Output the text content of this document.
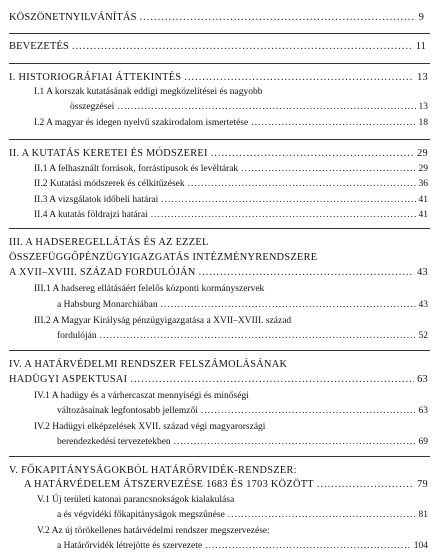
KÖSZÖNETNYILVÁNÍTÁS .....	9
BEVEZETÉS .....	11
I. HISTORIOGRÁFIAI ÁTTEKINTÉS .....	13
I.1 A korszak kutatásának eddigi megközelítései és nagyobb
összegzései .....	13
I.2 A magyar és idegen nyelvű szakirodalom ismertetése .....	18
II. A KUTATÁS KERETEI ÉS MÓDSZEREI .....	29
II.1 A felhasznált források, forrástípusok és levéltárak .....	29
II.2 Kutatási módszerek és célkitűzések .....	36
II.3 A vizsgálatok időbeli határai .....	41
II.4 A kutatás földrajzi határai .....	41
III. A HADSEREGELLÁTÁS ÉS AZ EZZEL
ÖSSZEFÜGGŐPÉNZÜGYIGAZGATÁS INTÉZMÉNYRENDSZERE
A XVII–XVIII. SZÁZAD FORDULÓJÁN .....	43
III.1 A hadsereg ellátásáért felelős központi kormányszervek
a Habsburg Monarchiában .....	43
III.2 A Magyar Királyság pénzügyigazgatása a XVII–XVIII. század
fordulóján .....	52
IV. A HATÁRVÉDELMI RENDSZER FELSZÁMOLÁSÁNAK
HADÜGYI ASPEKTUSAI .....	63
IV.1 A hadügy és a várhercaszat mennyiségi és minőségi
változásainak legfontosabb jellemzői .....	63
IV.2 Hadügyi elképzelések XVII. század végi magyarországi
berendezkedési tervezetekben .....	69
V. FŐKAPITÁNYSÁGOKBÓL HATÁRŐRVIDÉK-RENDSZER:
A HATÁRVÉDELEM ÁTSZERVEZÉSE 1683 ÉS 1703 KÖZÖTT .....	79
V.1 Új területi katonai parancsnokságok kialakulása
a és végvidéki főkapitányságok megszűnése .....	81
V.2 Az új törökellenes határvédelmi rendszer megszervezése:
a Határőrvidék létrejötte és szervezete .....	104
